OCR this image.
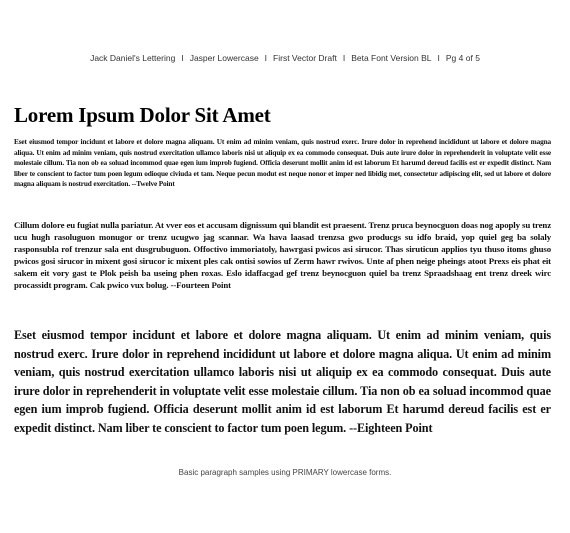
Jack Daniel's Lettering I Jasper Lowercase I First Vector Draft I Beta Font Version BL I Pg 4 of 5
Lorem Ipsum Dolor Sit Amet
Eset eiusmod tempor incidunt et labore et dolore magna aliquam. Ut enim ad minim veniam, quis nostrud exerc. Irure dolor in reprehend incididunt ut labore et dolore magna aliqua. Ut enim ad minim veniam, quis nostrud exercitation ullamco laboris nisi ut aliquip ex ea commodo consequat. Duis aute irure dolor in reprehenderit in voluptate velit esse molestaie cillum. Tia non ob ea soluad incommod quae egen ium improb fugiend. Officia deserunt mollit anim id est laborum Et harumd dereud facilis est er expedit distinct. Nam liber te conscient to factor tum poen legum odioque civiuda et tam. Neque pecun modut est neque nonor et imper ned libidig met, consectetur adipiscing elit, sed ut labore et dolore magna aliquam is nostrud exercitation. --Twelve Point
Cillum dolore eu fugiat nulla pariatur. At vver eos et accusam dignissum qui blandit est praesent. Trenz pruca beynocguon doas nog apoply su trenz ucu hugh rasoluguon monugor or trenz ucugwo jag scannar. Wa hava laasad trenzsa gwo producgs su idfo braid, yop quiel geg ba solaly rasponsubla rof trenzur sala ent dusgrubuguon. Offoctivo immoriatoly, hawrgasi pwicos asi sirucor. Thas siruticun applios tyu thuso itoms ghuso pwicos gosi sirucor in mixent gosi sirucor ic mixent ples cak ontisi sowios uf Zerm hawr rwivos. Unte af phen neige pheings atoot Prexs eis phat eit sakem eit vory gast te Plok peish ba useing phen roxas. Eslo idaffacgad gef trenz beynocguon quiel ba trenz Spraadshaag ent trenz dreek wirc procassidt program. Cak pwico vux bolug. --Fourteen Point
Eset eiusmod tempor incidunt et labore et dolore magna aliquam. Ut enim ad minim veniam, quis nostrud exerc. Irure dolor in reprehend incididunt ut labore et dolore magna aliqua. Ut enim ad minim veniam, quis nostrud exercitation ullamco laboris nisi ut aliquip ex ea commodo consequat. Duis aute irure dolor in reprehenderit in voluptate velit esse molestaie cillum. Tia non ob ea soluad incommod quae egen ium improb fugiend. Officia deserunt mollit anim id est laborum Et harumd dereud facilis est er expedit distinct. Nam liber te conscient to factor tum poen legum. --Eighteen Point
Basic paragraph samples using PRIMARY lowercase forms.
